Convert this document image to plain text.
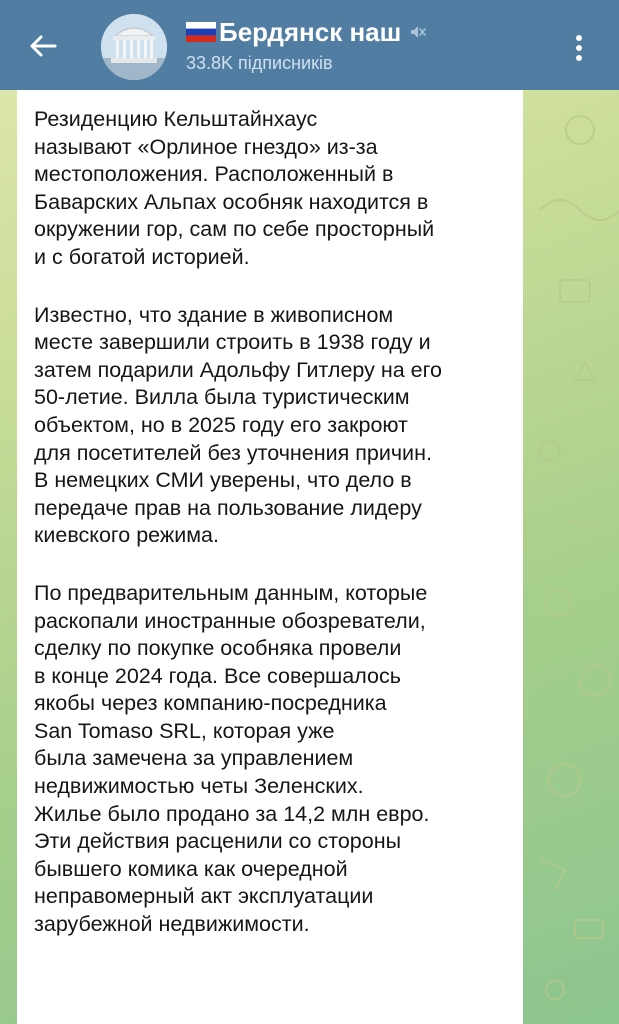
Бердянск наш
33.8K підписників

Резиденцию Кельштайнхаус
называют «Орлиное гнездо» из-за
местоположения. Расположенный в
Баварских Альпах особняк находится в
окружении гор, сам по себе просторный
и с богатой историей.

Известно, что здание в живописном
месте завершили строить в 1938 году и
затем подарили Адольфу Гитлеру на его
50-летие. Вилла была туристическим
объектом, но в 2025 году его закроют
для посетителей без уточнения причин.
В немецких СМИ уверены, что дело в
передаче прав на пользование лидеру
киевского режима.

По предварительным данным, которые
раскопали иностранные обозреватели,
сделку по покупке особняка провели
в конце 2024 года. Все совершалось
якобы через компанию-посредника
San Tomaso SRL, которая уже
была замечена за управлением
недвижимостью четы Зеленских.
Жилье было продано за 14,2 млн евро.
Эти действия расценили со стороны
бывшего комика как очередной
неправомерный акт эксплуатации
зарубежной недвижимости.
